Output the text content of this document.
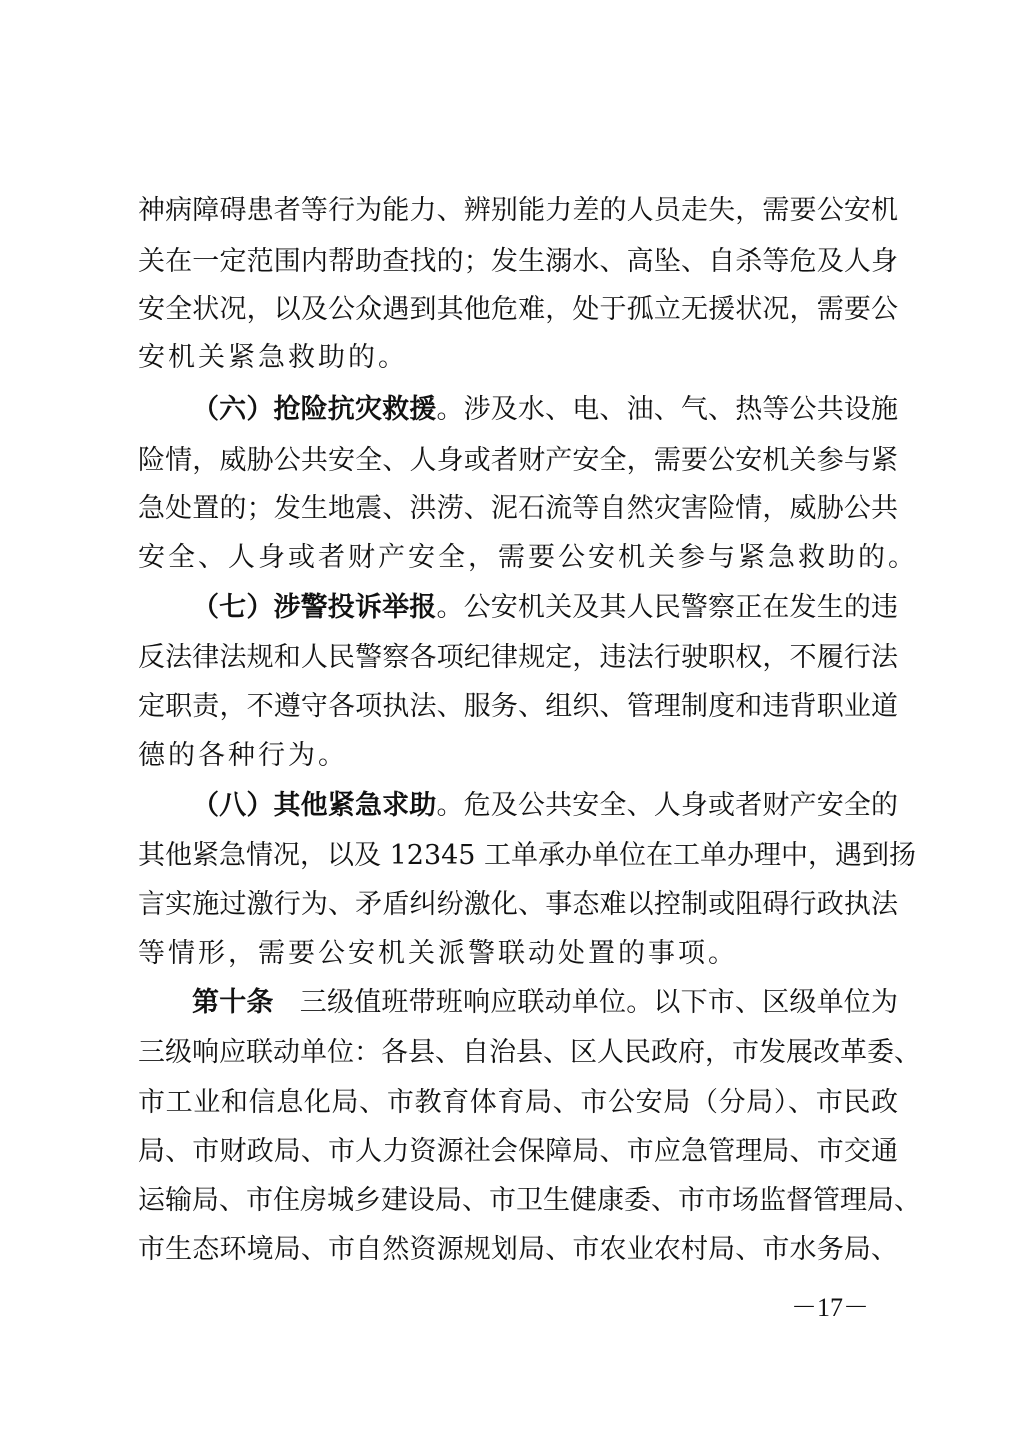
神病障碍患者等行为能力、辨别能力差的人员走失，需要公安机
关在一定范围内帮助查找的；发生溺水、高坠、自杀等危及人身
安全状况，以及公众遇到其他危难，处于孤立无援状况，需要公
安机关紧急救助的。
（六）抢险抗灾救援。涉及水、电、油、气、热等公共设施
险情，威胁公共安全、人身或者财产安全，需要公安机关参与紧
急处置的；发生地震、洪涝、泥石流等自然灾害险情，威胁公共
安全、人身或者财产安全，需要公安机关参与紧急救助的。
（七）涉警投诉举报。公安机关及其人民警察正在发生的违
反法律法规和人民警察各项纪律规定，违法行驶职权，不履行法
定职责，不遵守各项执法、服务、组织、管理制度和违背职业道
德的各种行为。
（八）其他紧急求助。危及公共安全、人身或者财产安全的
其他紧急情况，以及 12345 工单承办单位在工单办理中，遇到扬
言实施过激行为、矛盾纠纷激化、事态难以控制或阻碍行政执法
等情形，需要公安机关派警联动处置的事项。
第十条 三级值班带班响应联动单位。以下市、区级单位为
三级响应联动单位：各县、自治县、区人民政府，市发展改革委、
市工业和信息化局、市教育体育局、市公安局（分局）、市民政
局、市财政局、市人力资源社会保障局、市应急管理局、市交通
运输局、市住房城乡建设局、市卫生健康委、市市场监督管理局、
市生态环境局、市自然资源规划局、市农业农村局、市水务局、
－17－
